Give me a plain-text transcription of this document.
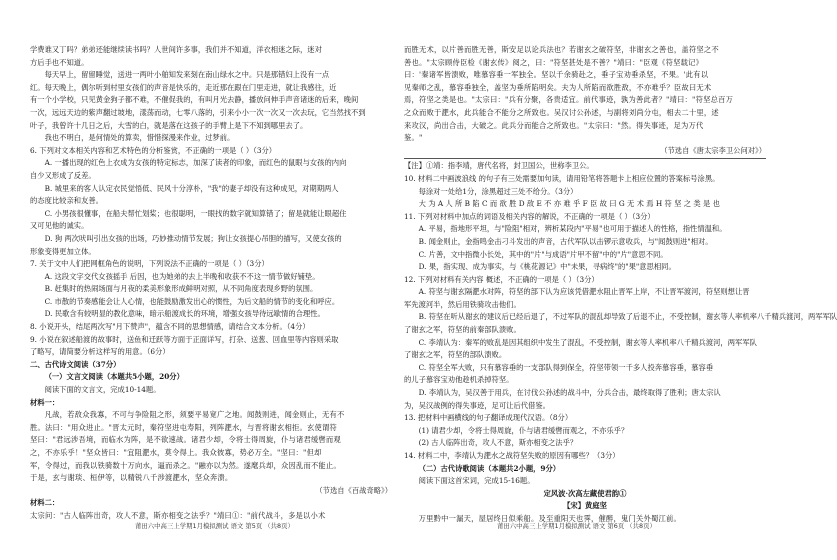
学费谁又丁吗？弟弟还能继续读书吗？人世间许多事，我们并不知道，洋衣相迷之际，迷对

方后手也不知道。

每天早上，留留睡觉，送进一两叶小舶知发来刻在南山绿水之中。只是那错妇上没有一点

红。每天晚上，偶尔听到村里女孩们的声音是快乐的，走近那在跟在门里走进，就让我感往，近

有一个小学校，只见黄金狗子都不难，不催促我的，有叫月光去静，播放问伸手声音诸迷的后来，晚间

一次，远远天边的紫声翻过坡地，漾荡而动，七零八落的，引来小小一次一次又一次去玩，它当然找不到

叶子，我曾许十几日之后，大雪的白，就是落在这孩子的手臂上是下不知到哪里去了。

我也不明白，是何情处的算卖，惜惜探漫来作业，过梦前。

6. 下列对文本相关内容和艺术特色的分析鉴赏，不正确的一项是（ ）（3分）

A. 一播出现的红色上衣成为女孩的特定标志，加深了读者的印象，而红色的鼠眼与女孩的内向

自少又形成了反差。

B. 城里来的客人认定衣民觉悟低、民风十分淳朴，"我"的妻子却没有这种成见，对期期两人

的态度比较亲和友善。

C. 小男孩很懂事，在船夫帮忙划桨；也很聪明，一眼找的数字就知算错了；留是就能让眼超住

又可见他的诚实。

D. 狗 两次吠叫引出女孩的出场，巧妙推动情节发展；狗让女孩提心吊胆的描写，又使女孩的

形象变得更加立体。

7. 关于文中人们把网框角色的说明，下列说法不正确的一项是（ ）（3分）

A. 这段文字交代女孩摇手 后因，也为她弟的去上半晚和收获不不这一情节做好铺垫。

B. 赶集时的热闹场面与月夜的柔美形象形成鲜明对照，从不同角度表现乡野的氛围。

C. 市散的节奏感能会让人心情，也能鼓励激发出心的惯性，为后文船的情节的变化和呼应。

D. 民歌含有较明显的教化意味，暗示船渡成长的环境，增强女孩导待远歇情的合理性。

8. 小说开头，结尾两次写"月下赞声"，蕴含不同的思想情感，请结合文本分析。（4分）

9. 小说在叙述船渡的故事时，送鱼和迁跃等方面于正面详写，打杂、送葱、回血里等内容则采取

了略写，请简要分析这样写的用意。（6分）

二、古代诗文阅读（37分）

（一）文言文阅读（本题共5小题，20分）

阅读下面的文言文，完成10-14题。

材料一：

凡战，若敌众我寡，不可与争险阻之形，须要平易宽广之地。闻鼓则进，闻金则止，无有不

胜。法曰："用众进止。"晋太元时，秦符坚进屯寿阳，列阵淝水，与晋将谢玄相拒。玄使谓符

坚曰："君远涉吾境，而临水为阵，是不欲速战。诸君少却，令将士得周旋，仆与诸君缓辔而观

之，不亦乐乎！"坚众皆曰："宜阻淝水，莫令得上。我众彼寡，势必万全。"坚曰："但却

军，令得过，而我以铁骑数十万向水，逼而杀之。"融亦以为然。遂麾兵却，众因乱而不能止。

于是，玄与谢琰、桓伊等，以精锐八千涉渡淝水，坚众奔溃。

（节选自《百战奇略》）

材料二：

太宗问："古人临阵出奇，攻人不意，斯亦相变之法乎？"靖曰①："前代战斗，多是以小术

而胜无术，以片善而胜无善，斯安足以论兵法也？若谢玄之破符坚，非谢玄之善也，盖符坚之不

善也。"太宗顾侍臣检《谢玄传》阅之，曰："符坚甚处是不善？"靖曰："臣观《符坚载记》

曰：'秦诸军皆溃败，唯慕容垂一军独全。坚以千余骑赴之，垂子宝劝垂杀坚，不果。'此有以

见秦师之乱，慕容垂独全，盖坚为垂所陷明矣。夫为人所陷而欲胜敌，不亦难乎？臣故曰无术

焉，符坚之类是也。"太宗曰："兵有分聚，各贵适宜。前代事迹，孰为善此者？"靖曰："符坚总百万

之众而败于淝水，此兵能合不能分之所致也。吴汉讨公孙述，与副将刘尚分屯，相去二十里，述

来攻汉，尚出合击，大破之。此兵分而能合之所致也。"太宗曰："然。得失事迹，足为万代

鉴。"

（节选自《唐太宗李卫公问对》）

【注】①靖：指李靖，唐代名将，封卫国公，世称李卫公。

10. 材料二中画波浪线 的句子有三处需要加句读，请用铅笔将答题卡上相应位置的答案标号涂黑。

每涂对一处给1分，涂黑超过三处不给分。（3分）

大 为 A 人 所 B 陷 C 而 欲 胜 D 敌 E 不 亦 难 乎 F 臣 故 曰 G 无 术 焉 H 符 坚 之 类 是 也

11. 下列对材料中加点的词语及相关内容的解说，不正确的一项是（ ）（3分）

A. 平易，指地形平坦，与"险阻"相对，辨析某段内"平易"也可用于描述人的性格，指性情温和。

B. 闻金则止，金指鸣金击刁斗发出的声音，古代军队以击锣示意收兵，与"闻鼓则进"相对。

C. 片善，文中指微小长处，其中的"片"与成语"片甲不留"中的"片"意思不同。

D. 果，指实现、成为事实，与《桃花源记》中"未果，寻病终"的"果"意思相同。

12. 下列对材料有关内容 概述，不正确的一项是（ ）（3分）

A. 符坚与谢玄隔淝水对阵，符坚的部下认为应该凭借淝水阻止晋军上岸，不让晋军渡河，符坚则想让晋

军先渡河半，然后用铁骑攻击他们。

B. 符坚在听从谢玄的建议后已经后退了，不过军队的混乱却导致了后退不止，不受控制，谢玄等人率机率八千精兵渡河，两军军队

了谢玄之军，符坚的前秦部队溃败。

C. 李靖认为：秦军的败乱是因其组织中发生了混乱，不受控制，谢玄等人率机率八千精兵渡河，两军军队

了谢玄之军，符坚的部队溃败。

C. 符坚全军大败，只有慕容垂的一支部队得到保全，符坚带领一千多人投奔慕容垂，慕容垂

的儿子慕容宝劝他趁机杀掉符坚。

D. 李靖认为，吴汉善于用兵，在讨伐公孙述的战斗中，分兵合击，最终取得了胜利；唐太宗认

为，吴汉战例的得失事迹，足可让后代借鉴。

13. 把材料中画横线的句子翻译成现代汉语。（8分）

(1) 请君少却，令将士得周旋，仆与诸君缓辔而观之，不亦乐乎？

(2) 古人临阵出奇，攻人不意，斯亦相变之法乎？

14. 材料二中，李靖认为淝水之战符坚失败的原因有哪些？（3分）

（二）古代诗歌阅读（本题共2小题，9分）

阅读下面这首宋词，完成15-16题。

定风波·次高左藏使君韵①

【宋】黄庭坚

万里黔中一漏天，屋居终日似乘船。及至重阳天也霁，催醉，鬼门关外蜀江前。

莆田六中高三上学期1月模拟测试 语文 第5页 （共8页）	莆田六中高三上学期1月模拟测试 语文 第6页 （共8页）
